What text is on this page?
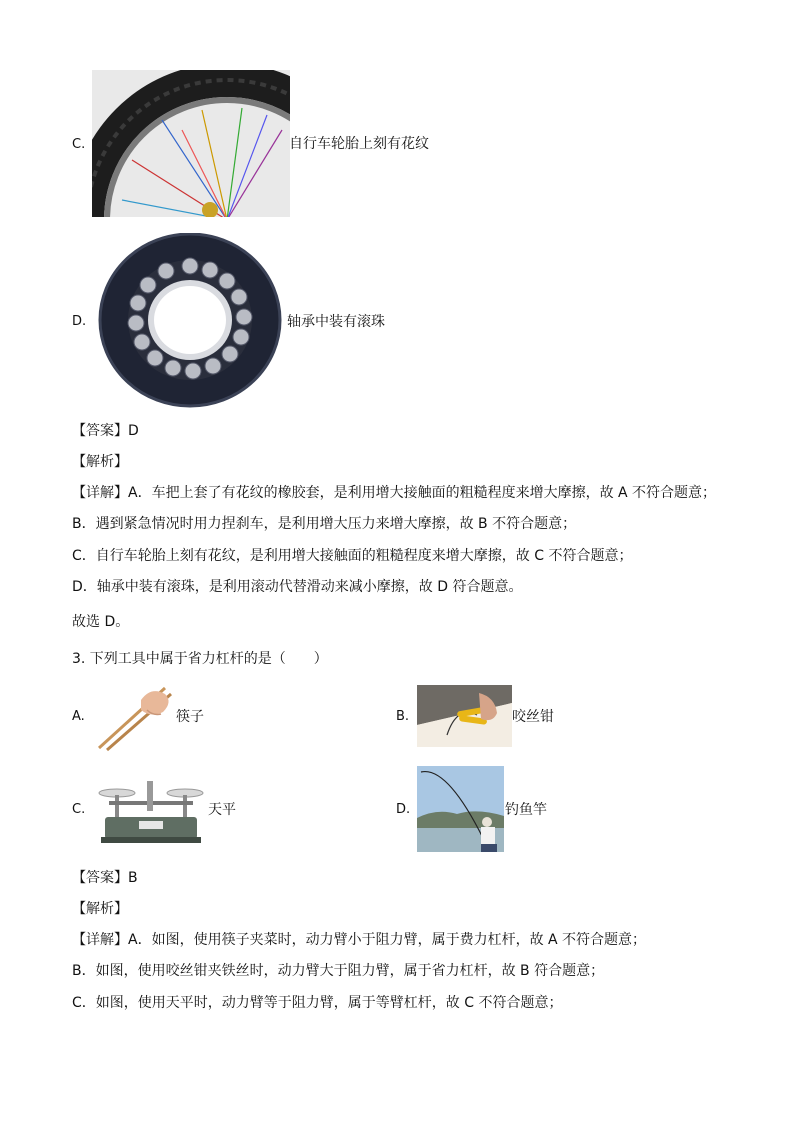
C.	自行车轮胎上刻有花纹
D.	轴承中装有滚珠
【答案】D
【解析】
【详解】A．车把上套了有花纹的橡胶套，是利用增大接触面的粗糙程度来增大摩擦，故 A 不符合题意；
B．遇到紧急情况时用力捏刹车，是利用增大压力来增大摩擦，故 B 不符合题意；
C．自行车轮胎上刻有花纹，是利用增大接触面的粗糙程度来增大摩擦，故 C 不符合题意；
D．轴承中装有滚珠，是利用滚动代替滑动来减小摩擦，故 D 符合题意。
故选 D。
3. 下列工具中属于省力杠杆的是（　　）
A.	筷子	B.	咬丝钳
C.	天平	D.	钓鱼竿
【答案】B
【解析】
【详解】A．如图，使用筷子夹菜时，动力臂小于阻力臂，属于费力杠杆，故 A 不符合题意；
B．如图，使用咬丝钳夹铁丝时，动力臂大于阻力臂，属于省力杠杆，故 B 符合题意；
C．如图，使用天平时，动力臂等于阻力臂，属于等臂杠杆，故 C 不符合题意；
